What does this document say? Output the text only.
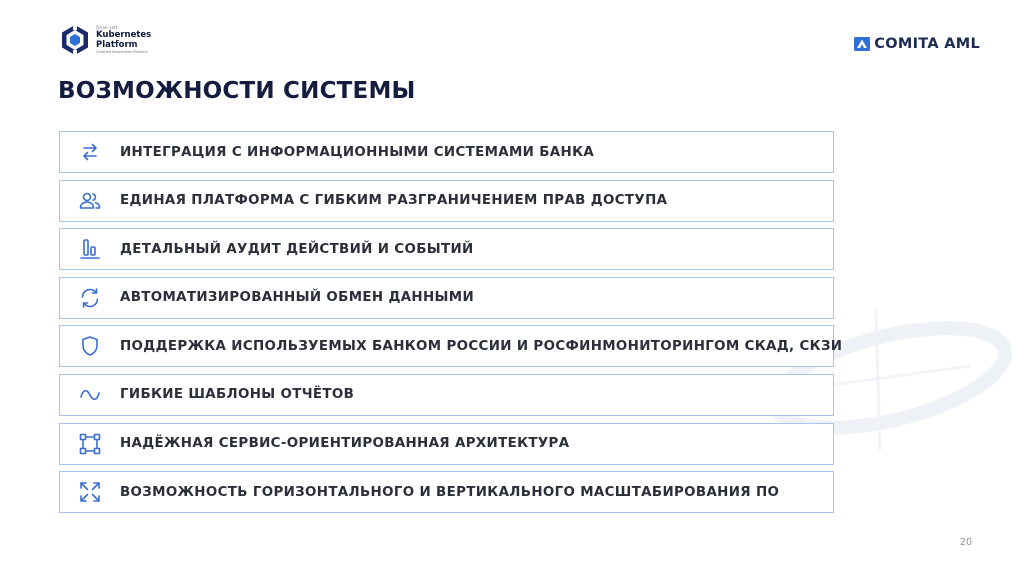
Orion soft
Kubernetes
Platform
Certified Kubernetes Platform	COMITA AML
ВОЗМОЖНОСТИ СИСТЕМЫ
ИНТЕГРАЦИЯ С ИНФОРМАЦИОННЫМИ СИСТЕМАМИ БАНКА
ЕДИНАЯ ПЛАТФОРМА С ГИБКИМ РАЗГРАНИЧЕНИЕМ ПРАВ ДОСТУПА
ДЕТАЛЬНЫЙ АУДИТ ДЕЙСТВИЙ И СОБЫТИЙ
АВТОМАТИЗИРОВАННЫЙ ОБМЕН ДАННЫМИ
ПОДДЕРЖКА ИСПОЛЬЗУЕМЫХ БАНКОМ РОССИИ И РОСФИНМОНИТОРИНГОМ СКАД, СКЗИ
ГИБКИЕ ШАБЛОНЫ ОТЧЁТОВ
НАДЁЖНАЯ СЕРВИС-ОРИЕНТИРОВАННАЯ АРХИТЕКТУРА
ВОЗМОЖНОСТЬ ГОРИЗОНТАЛЬНОГО И ВЕРТИКАЛЬНОГО МАСШТАБИРОВАНИЯ ПО
20
